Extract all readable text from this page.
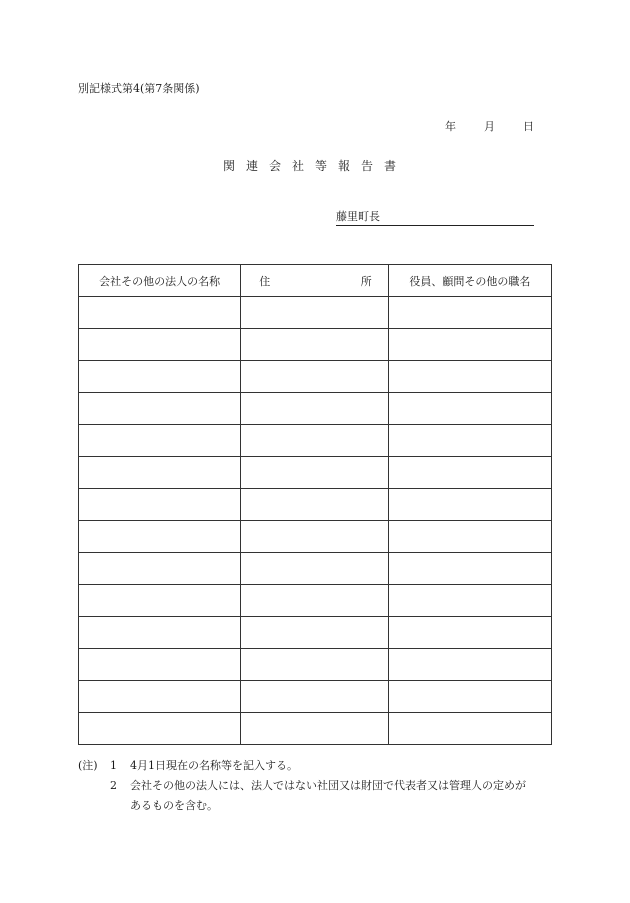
別記様式第4(第7条関係)
年	月	日
関連会社等報告書
藤里町長
会社その他の法人の名称	住 所	役員、顧問その他の職名

(注)	1	4月1日現在の名称等を記入する。
2	会社その他の法人には、法人ではない社団又は財団で代表者又は管理人の定めが
あるものを含む。
